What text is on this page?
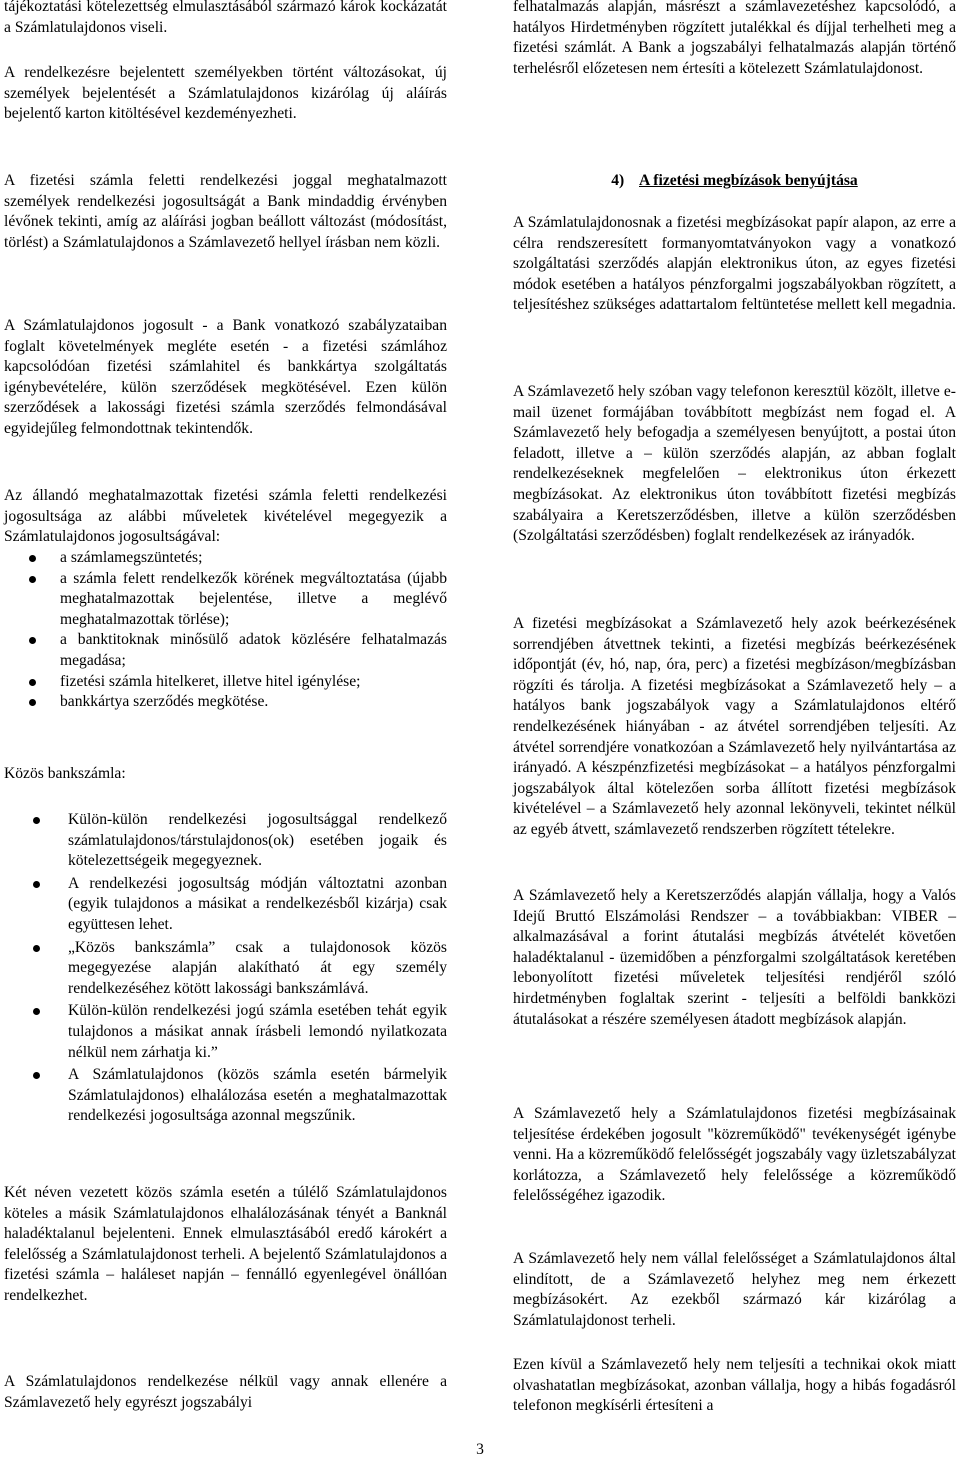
tájékoztatási kötelezettség elmulasztásából származó károk kockázatát a Számlatulajdonos viseli.

A rendelkezésre bejelentett személyekben történt változásokat, új személyek bejelentését a Számlatulajdonos kizárólag új aláírás bejelentő karton kitöltésével kezdeményezheti.

A fizetési számla feletti rendelkezési joggal meghatalmazott személyek rendelkezési jogosultságát a Bank mindaddig érvényben lévőnek tekinti, amíg az aláírási jogban beállott változást (módosítást, törlést) a Számlatulajdonos a Számlavezető hellyel írásban nem közli.

A Számlatulajdonos jogosult - a Bank vonatkozó szabályzataiban foglalt követelmények megléte esetén - a fizetési számlához kapcsolódóan fizetési számlahitel és bankkártya szolgáltatás igénybevételére, külön szerződések megkötésével. Ezen külön szerződések a lakossági fizetési számla szerződés felmondásával egyidejűleg felmondottnak tekintendők.

Az állandó meghatalmazottak fizetési számla feletti rendelkezési jogosultsága az alábbi műveletek kivételével megegyezik a Számlatulajdonos jogosultságával:

a számlamegszüntetés;
a számla felett rendelkezők körének megváltoztatása (újabb meghatalmazottak bejelentése, illetve a meglévő meghatalmazottak törlése);
a banktitoknak minősülő adatok közlésére felhatalmazás megadása;
fizetési számla hitelkeret, illetve hitel igénylése;
bankkártya szerződés megkötése.

Közös bankszámla:

Külön-külön rendelkezési jogosultsággal rendelkező számlatulajdonos/társtulajdonos(ok) esetében jogaik és kötelezettségeik megegyeznek.
A rendelkezési jogosultság módján változtatni azonban (egyik tulajdonos a másikat a rendelkezésből kizárja) csak együttesen lehet.
„Közös bankszámla” csak a tulajdonosok közös megegyezése alapján alakítható át egy személy rendelkezéséhez kötött lakossági bankszámlává.
Külön-külön rendelkezési jogú számla esetében tehát egyik tulajdonos a másikat annak írásbeli lemondó nyilatkozata nélkül nem zárhatja ki.”
A Számlatulajdonos (közös számla esetén bármelyik Számlatulajdonos) elhalálozása esetén a meghatalmazottak rendelkezési jogosultsága azonnal megszűnik.

Két néven vezetett közös számla esetén a túlélő Számlatulajdonos köteles a másik Számlatulajdonos elhalálozásának tényét a Banknál haladéktalanul bejelenteni. Ennek elmulasztásából eredő károkért a felelősség a Számlatulajdonost terheli. A bejelentő Számlatulajdonos a fizetési számla – haláleset napján – fennálló egyenlegével önállóan rendelkezhet.

A Számlatulajdonos rendelkezése nélkül vagy annak ellenére a Számlavezető hely egyrészt jogszabályi

felhatalmazás alapján, másrészt a számlavezetéshez kapcsolódó, a hatályos Hirdetményben rögzített jutalékkal és díjjal terhelheti meg a fizetési számlát. A Bank a jogszabályi felhatalmazás alapján történő terhelésről előzetesen nem értesíti a kötelezett Számlatulajdonost.

4) A fizetési megbízások benyújtása

A Számlatulajdonosnak a fizetési megbízásokat papír alapon, az erre a célra rendszeresített formanyomtatványokon vagy a vonatkozó szolgáltatási szerződés alapján elektronikus úton, az egyes fizetési módok esetében a hatályos pénzforgalmi jogszabályokban rögzített, a teljesítéshez szükséges adattartalom feltüntetése mellett kell megadnia.

A Számlavezető hely szóban vagy telefonon keresztül közölt, illetve e-mail üzenet formájában továbbított megbízást nem fogad el. A Számlavezető hely befogadja a személyesen benyújtott, a postai úton feladott, illetve a – külön szerződés alapján, az abban foglalt rendelkezéseknek megfelelően – elektronikus úton érkezett megbízásokat. Az elektronikus úton továbbított fizetési megbízás szabályaira a Keretszerződésben, illetve a külön szerződésben (Szolgáltatási szerződésben) foglalt rendelkezések az irányadók.

A fizetési megbízásokat a Számlavezető hely azok beérkezésének sorrendjében átvettnek tekinti, a fizetési megbízás beérkezésének időpontját (év, hó, nap, óra, perc) a fizetési megbízáson/megbízásban rögzíti és tárolja. A fizetési megbízásokat a Számlavezető hely – a hatályos bank jogszabályok vagy a Számlatulajdonos eltérő rendelkezésének hiányában - az átvétel sorrendjében teljesíti. Az átvétel sorrendjére vonatkozóan a Számlavezető hely nyilvántartása az irányadó. A készpénzfizetési megbízásokat – a hatályos pénzforgalmi jogszabályok által kötelezően sorba állított fizetési megbízások kivételével – a Számlavezető hely azonnal lekönyveli, tekintet nélkül az egyéb átvett, számlavezető rendszerben rögzített tételekre.

A Számlavezető hely a Keretszerződés alapján vállalja, hogy a Valós Idejű Bruttó Elszámolási Rendszer – a továbbiakban: VIBER – alkalmazásával a forint átutalási megbízás átvételét követően haladéktalanul - üzemidőben a pénzforgalmi szolgáltatások keretében lebonyolított fizetési műveletek teljesítési rendjéről szóló hirdetményben foglaltak szerint - teljesíti a belföldi bankközi átutalásokat a részére személyesen átadott megbízások alapján.

A Számlavezető hely a Számlatulajdonos fizetési megbízásainak teljesítése érdekében jogosult "közreműködő" tevékenységét igénybe venni. Ha a közreműködő felelősségét jogszabály vagy üzletszabályzat korlátozza, a Számlavezető hely felelőssége a közreműködő felelősségéhez igazodik.

A Számlavezető hely nem vállal felelősséget a Számlatulajdonos által elindított, de a Számlavezető helyhez meg nem érkezett megbízásokért. Az ezekből származó kár kizárólag a Számlatulajdonost terheli.

Ezen kívül a Számlavezető hely nem teljesíti a technikai okok miatt olvashatatlan megbízásokat, azonban vállalja, hogy a hibás fogadásról telefonon megkísérli értesíteni a

3
